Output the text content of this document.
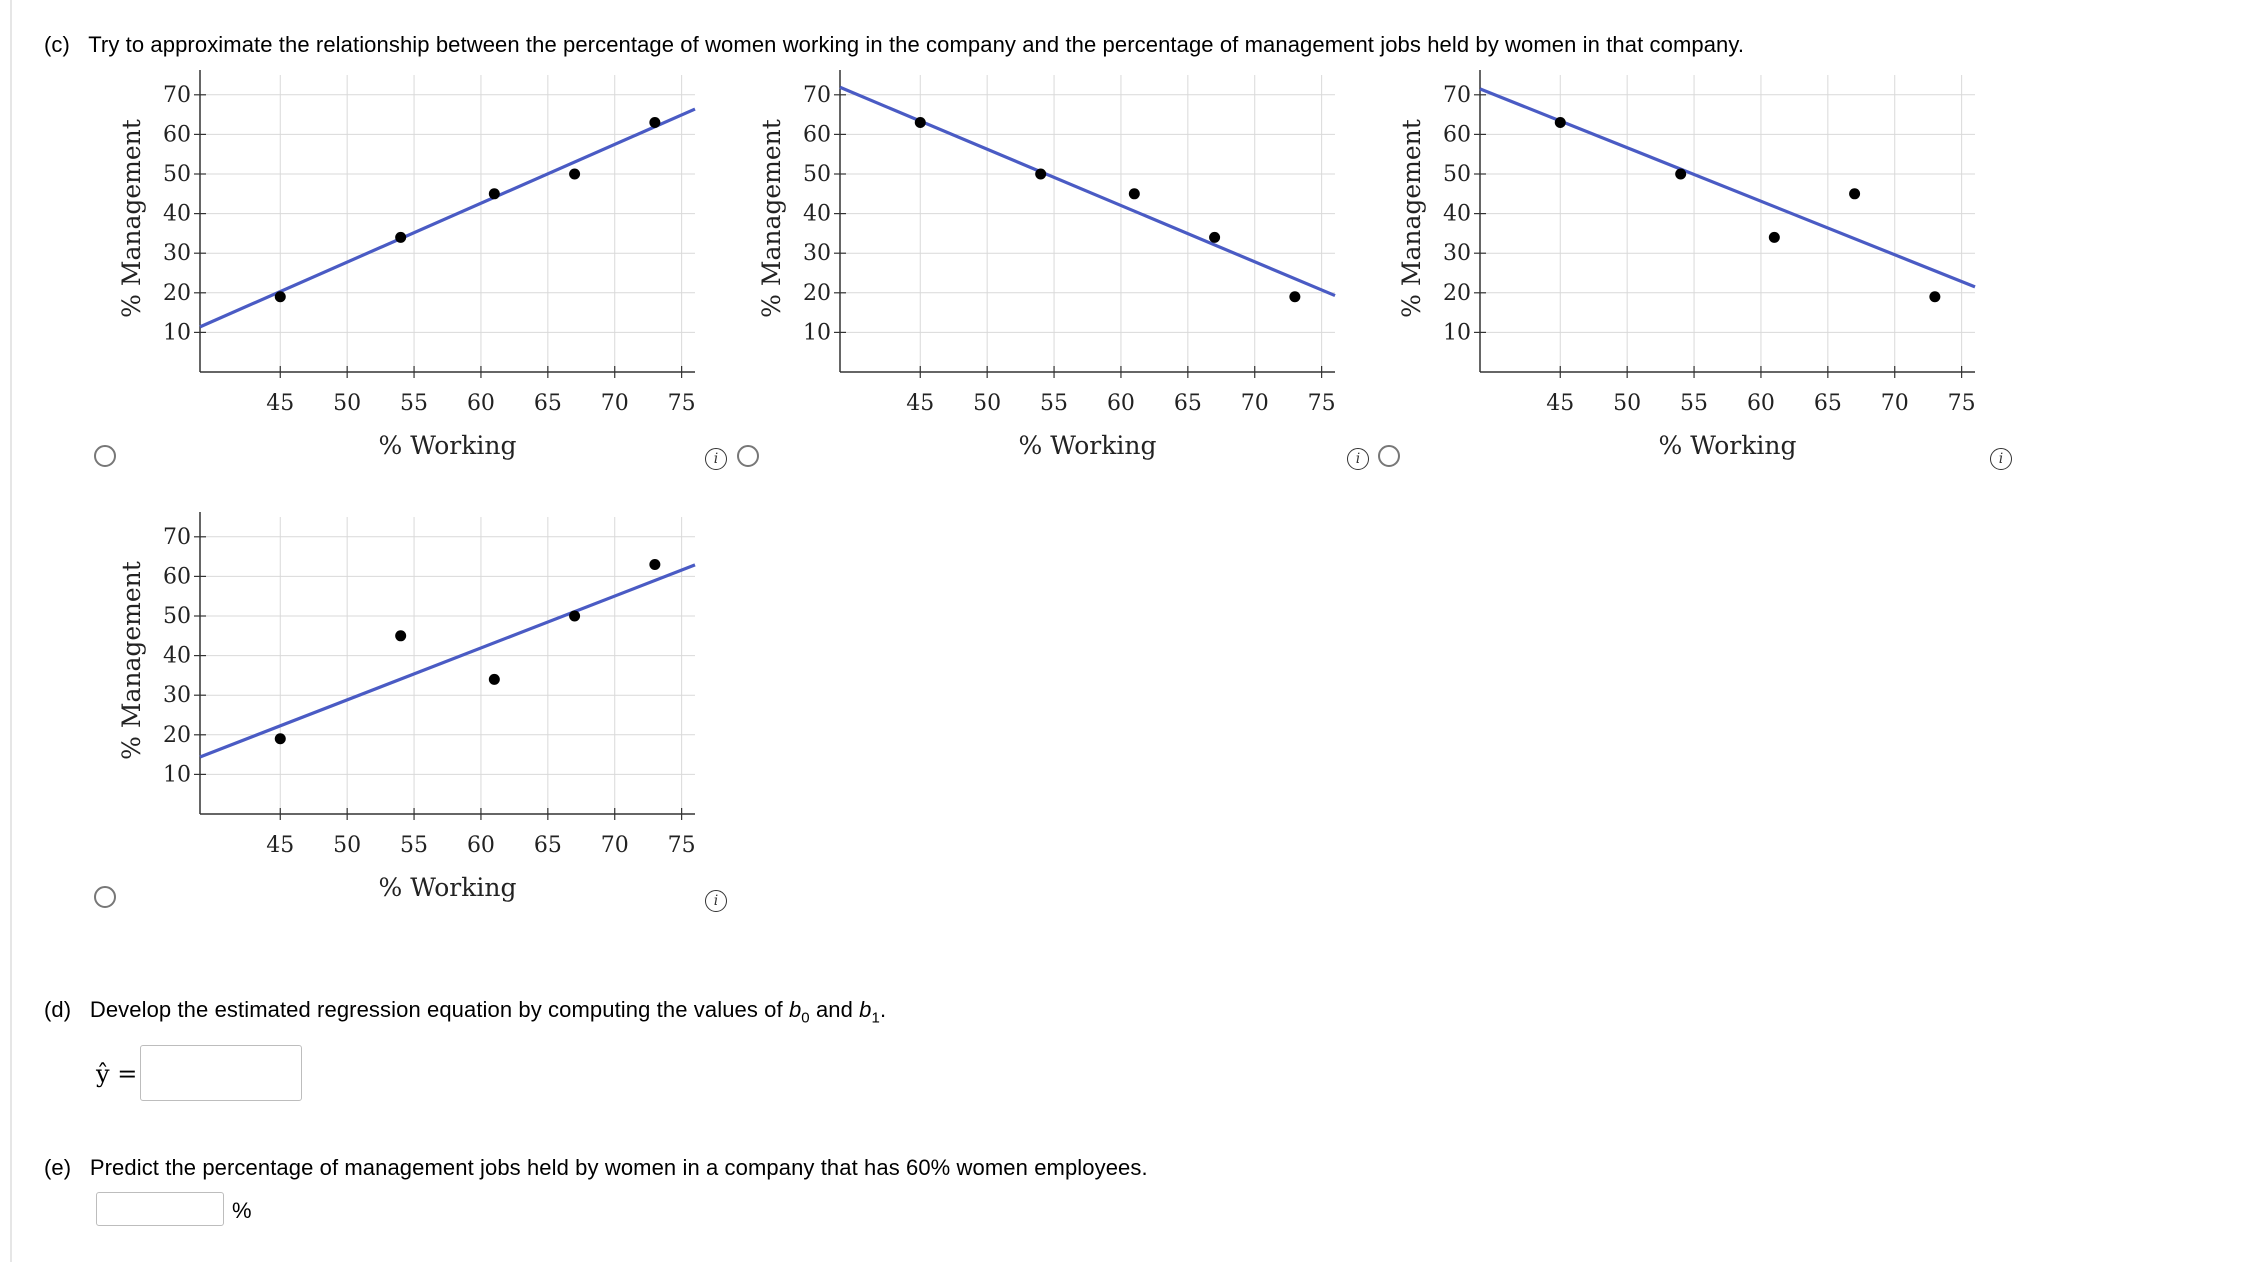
(c) Try to approximate the relationship between the percentage of women working in the company and the percentage of management jobs held by women in that company.
10
20
30
40
50
60
70
45 50 55 60 65 70 75
% Working
% Management
10
20
30
40
50
60
70
45 50 55 60 65 70 75
% Working
% Management
10
20
30
40
50
60
70
45 50 55 60 65 70 75
% Working
% Management
10
20
30
40
50
60
70
45 50 55 60 65 70 75
% Working
% Management
i	i	i
i
(d) Develop the estimated regression equation by computing the values of $b_0$ and $b_1$.
ŷ =
(e) Predict the percentage of management jobs held by women in a company that has 60% women employees.
%
